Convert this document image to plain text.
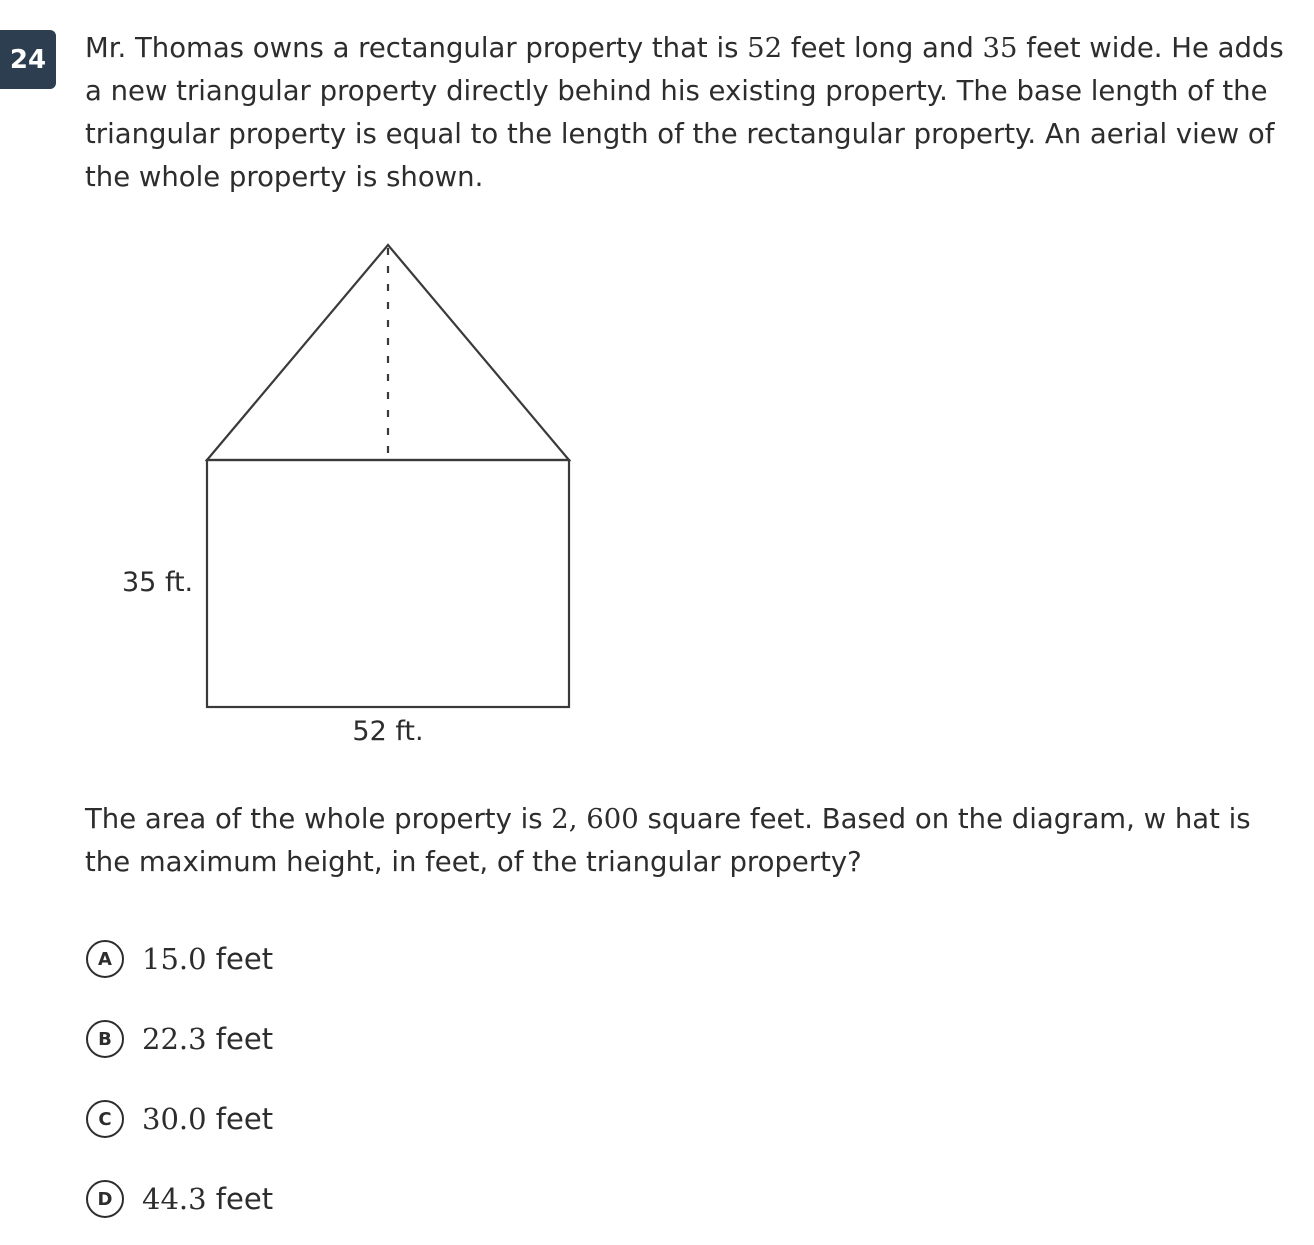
24	Mr. Thomas owns a rectangular property that is 52 feet long and 35 feet wide. He adds a new triangular property directly behind his existing property. The base length of the triangular property is equal to the length of the rectangular property. An aerial view of the whole property is shown.
35 ft.
52 ft.
The area of the whole property is 2, 600 square feet. Based on the diagram, w hat is the maximum height, in feet, of the triangular property?
A	15.0 feet
B	22.3 feet
C	30.0 feet
D	44.3 feet
